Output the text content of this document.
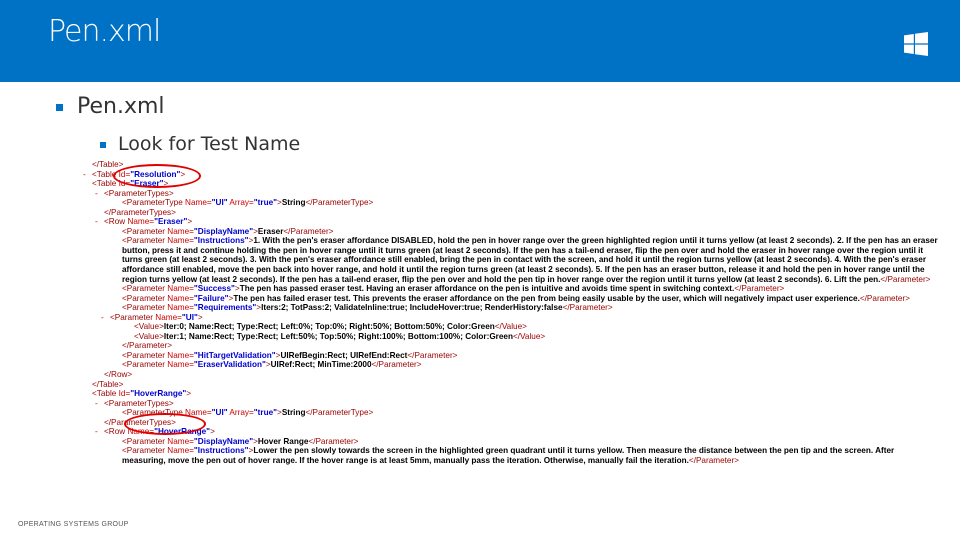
Pen.xml
Pen.xml
Look for Test Name
</Table>
- <Table Id="Resolution">
<Table Id="Eraser">
- <ParameterTypes>
<ParameterType Name="UI" Array="true">String</ParameterType>
</ParameterTypes>
- <Row Name="Eraser">
<Parameter Name="DisplayName">Eraser</Parameter>
<Parameter Name="Instructions">1. With the pen's eraser affordance DISABLED, hold the pen in hover range over the green highlighted region until it turns yellow (at least 2 seconds). 2. If the pen has an eraser button, press it and continue holding the pen in hover range until it turns green (at least 2 seconds). If the pen has a tail-end eraser, flip the pen over and hold the eraser in hover range over the region until it turns green (at least 2 seconds). 3. With the pen's eraser affordance still enabled, bring the pen in contact with the screen, and hold it until the region turns yellow (at least 2 seconds). 4. With the pen's eraser affordance still enabled, move the pen back into hover range, and hold it until the region turns green (at least 2 seconds). 5. If the pen has an eraser button, release it and hold the pen in hover range until the region turns yellow (at least 2 seconds). If the pen has a tail-end eraser, flip the pen over and hold the pen tip in hover range over the region until it turns yellow (at least 2 seconds). 6. Lift the pen.</Parameter>
<Parameter Name="Success">The pen has passed eraser test. Having an eraser affordance on the pen is intuitive and avoids time spent in switching context.</Parameter>
<Parameter Name="Failure">The pen has failed eraser test. This prevents the eraser affordance on the pen from being easily usable by the user, which will negatively impact user experience.</Parameter>
<Parameter Name="Requirements">Iters:2; TotPass:2; ValidateInline:true; IncludeHover:true; RenderHistory:false</Parameter>
- <Parameter Name="UI">
<Value>Iter:0; Name:Rect; Type:Rect; Left:0%; Top:0%; Right:50%; Bottom:50%; Color:Green</Value>
<Value>Iter:1; Name:Rect; Type:Rect; Left:50%; Top:50%; Right:100%; Bottom:100%; Color:Green</Value>
</Parameter>
<Parameter Name="HitTargetValidation">UIRefBegin:Rect; UIRefEnd:Rect</Parameter>
<Parameter Name="EraserValidation">UIRef:Rect; MinTime:2000</Parameter>
</Row>
</Table>
<Table Id="HoverRange">
- <ParameterTypes>
<ParameterType Name="UI" Array="true">String</ParameterType>
</ParameterTypes>
- <Row Name="HoverRange">
<Parameter Name="DisplayName">Hover Range</Parameter>
<Parameter Name="Instructions">Lower the pen slowly towards the screen in the highlighted green quadrant until it turns yellow. Then measure the distance between the pen tip and the screen. After measuring, move the pen out of hover range. If the hover range is at least 5mm, manually pass the iteration. Otherwise, manually fail the iteration.</Parameter>
OPERATING SYSTEMS GROUP
